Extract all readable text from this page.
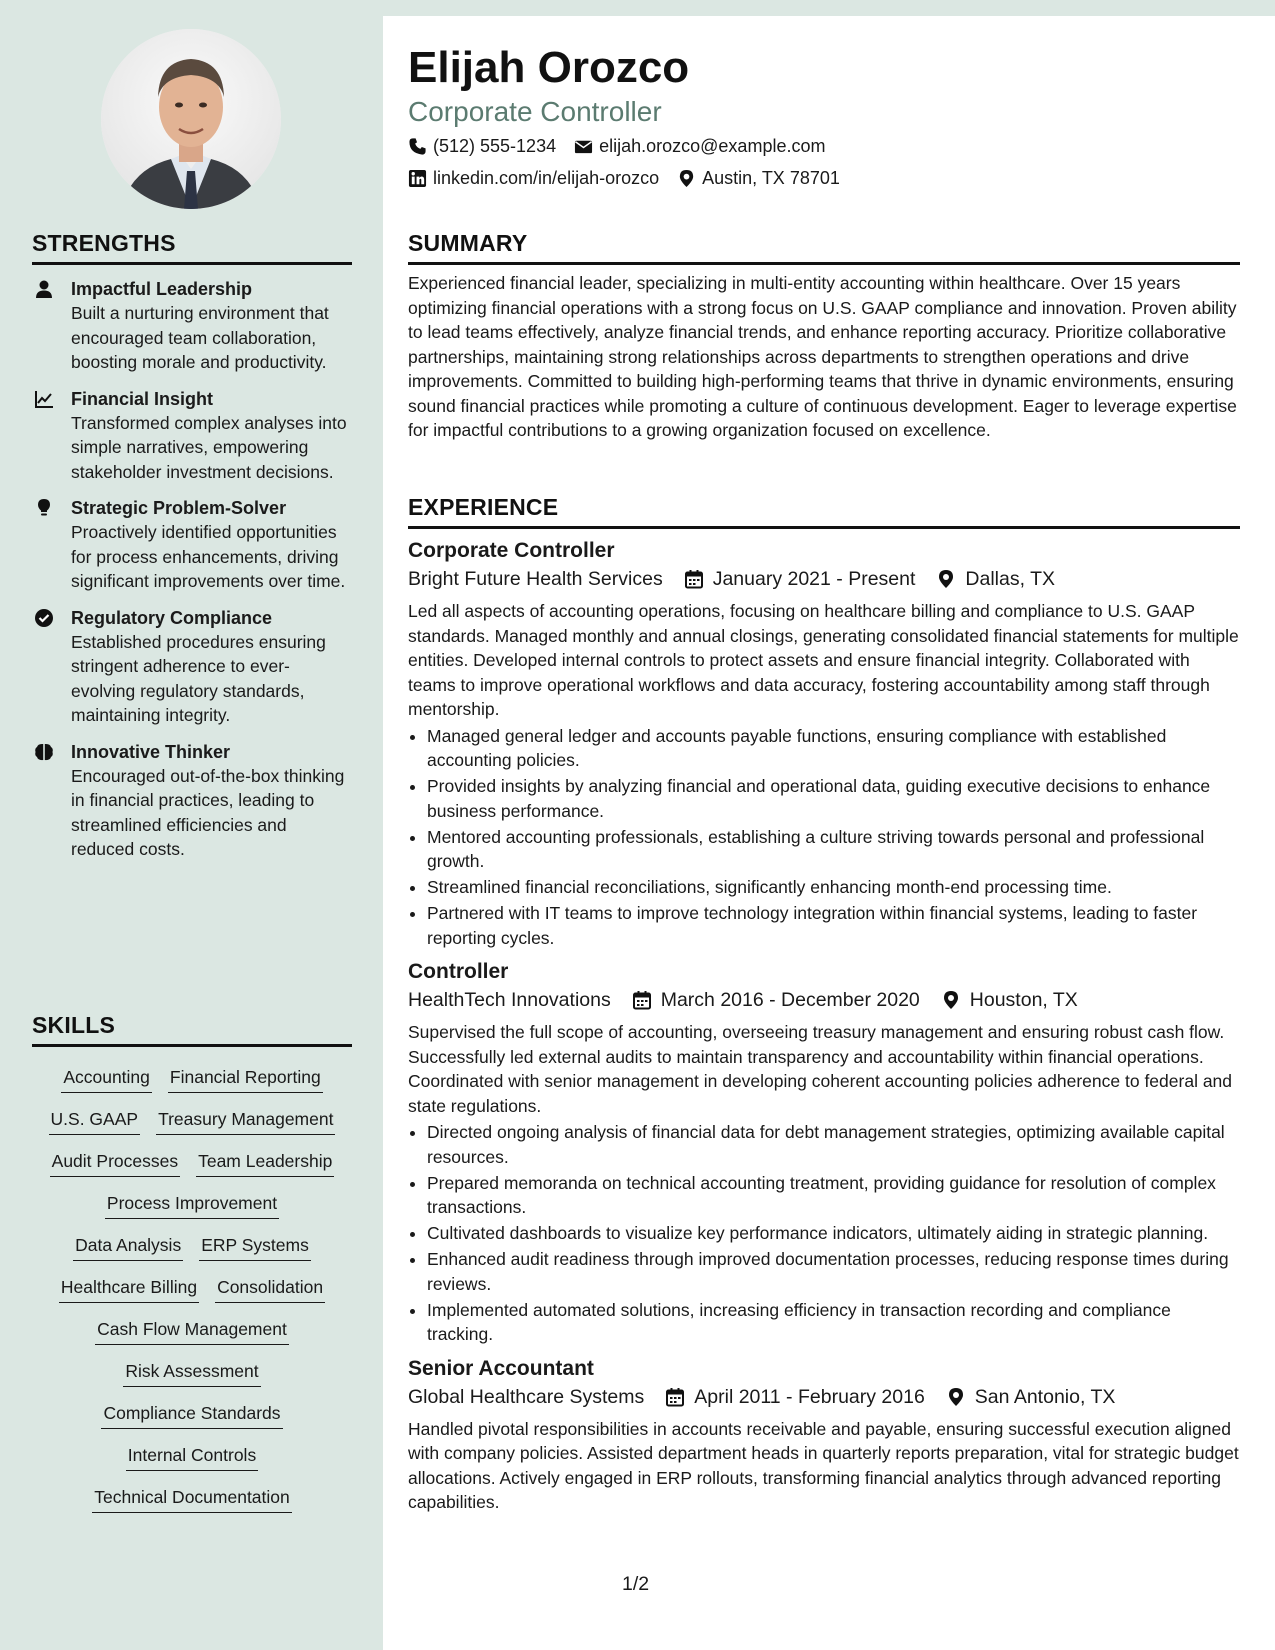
STRENGTHS
Impactful Leadership
Built a nurturing environment that encouraged team collaboration, boosting morale and productivity.
Financial Insight
Transformed complex analyses into simple narratives, empowering stakeholder investment decisions.
Strategic Problem-Solver
Proactively identified opportunities for process enhancements, driving significant improvements over time.
Regulatory Compliance
Established procedures ensuring stringent adherence to ever-evolving regulatory standards, maintaining integrity.
Innovative Thinker
Encouraged out-of-the-box thinking in financial practices, leading to streamlined efficiencies and reduced costs.
SKILLS
Accounting Financial Reporting
U.S. GAAP Treasury Management
Audit Processes Team Leadership
Process Improvement
Data Analysis ERP Systems
Healthcare Billing Consolidation
Cash Flow Management
Risk Assessment
Compliance Standards
Internal Controls
Technical Documentation
Elijah Orozco
Corporate Controller
(512) 555-1234 elijah.orozco@example.com
linkedin.com/in/elijah-orozco Austin, TX 78701
SUMMARY
Experienced financial leader, specializing in multi-entity accounting within healthcare. Over 15 years optimizing financial operations with a strong focus on U.S. GAAP compliance and innovation. Proven ability to lead teams effectively, analyze financial trends, and enhance reporting accuracy. Prioritize collaborative partnerships, maintaining strong relationships across departments to strengthen operations and drive improvements. Committed to building high-performing teams that thrive in dynamic environments, ensuring sound financial practices while promoting a culture of continuous development. Eager to leverage expertise for impactful contributions to a growing organization focused on excellence.
EXPERIENCE
Corporate Controller
Bright Future Health Services	January 2021 - Present	Dallas, TX
Led all aspects of accounting operations, focusing on healthcare billing and compliance to U.S. GAAP standards. Managed monthly and annual closings, generating consolidated financial statements for multiple entities. Developed internal controls to protect assets and ensure financial integrity. Collaborated with teams to improve operational workflows and data accuracy, fostering accountability among staff through mentorship.
• Managed general ledger and accounts payable functions, ensuring compliance with established accounting policies.
• Provided insights by analyzing financial and operational data, guiding executive decisions to enhance business performance.
• Mentored accounting professionals, establishing a culture striving towards personal and professional growth.
• Streamlined financial reconciliations, significantly enhancing month-end processing time.
• Partnered with IT teams to improve technology integration within financial systems, leading to faster reporting cycles.
Controller
HealthTech Innovations	March 2016 - December 2020	Houston, TX
Supervised the full scope of accounting, overseeing treasury management and ensuring robust cash flow. Successfully led external audits to maintain transparency and accountability within financial operations. Coordinated with senior management in developing coherent accounting policies adherence to federal and state regulations.
• Directed ongoing analysis of financial data for debt management strategies, optimizing available capital resources.
• Prepared memoranda on technical accounting treatment, providing guidance for resolution of complex transactions.
• Cultivated dashboards to visualize key performance indicators, ultimately aiding in strategic planning.
• Enhanced audit readiness through improved documentation processes, reducing response times during reviews.
• Implemented automated solutions, increasing efficiency in transaction recording and compliance tracking.
Senior Accountant
Global Healthcare Systems	April 2011 - February 2016	San Antonio, TX
Handled pivotal responsibilities in accounts receivable and payable, ensuring successful execution aligned with company policies. Assisted department heads in quarterly reports preparation, vital for strategic budget allocations. Actively engaged in ERP rollouts, transforming financial analytics through advanced reporting capabilities.
1/2
